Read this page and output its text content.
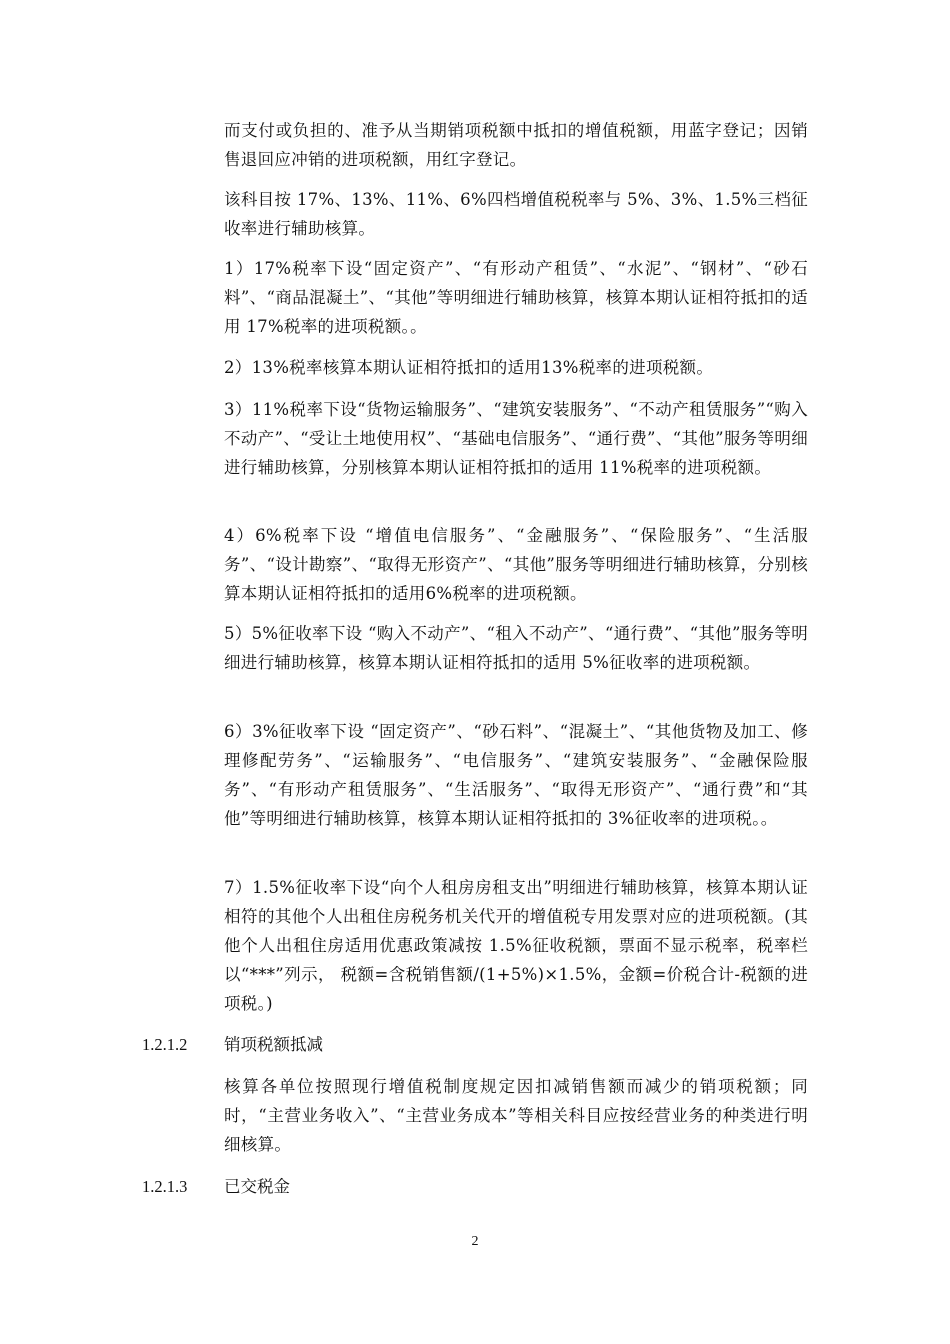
而支付或负担的、准予从当期销项税额中抵扣的增值税额，用蓝字登记；因销售退回应冲销的进项税额，用红字登记。

该科目按 17%、13%、11%、6%四档增值税税率与 5%、3%、1.5%三档征收率进行辅助核算。

1）17%税率下设“固定资产”、“有形动产租赁”、“水泥”、“钢材”、“砂石料”、“商品混凝土”、“其他”等明细进行辅助核算，核算本期认证相符抵扣的适用 17%税率的进项税额。。

2）13%税率核算本期认证相符抵扣的适用13%税率的进项税额。

3）11%税率下设“货物运输服务”、“建筑安装服务”、“不动产租赁服务”“购入不动产”、“受让土地使用权”、“基础电信服务”、“通行费”、“其他”服务等明细进行辅助核算，分别核算本期认证相符抵扣的适用 11%税率的进项税额。

4）6%税率下设 “增值电信服务”、“金融服务”、“保险服务”、“生活服务”、“设计勘察”、“取得无形资产”、“其他”服务等明细进行辅助核算，分别核算本期认证相符抵扣的适用6%税率的进项税额。

5）5%征收率下设 “购入不动产”、“租入不动产”、“通行费”、“其他”服务等明细进行辅助核算，核算本期认证相符抵扣的适用 5%征收率的进项税额。

6）3%征收率下设 “固定资产”、“砂石料”、“混凝土”、“其他货物及加工、修理修配劳务”、“运输服务”、“电信服务”、“建筑安装服务”、“金融保险服务”、“有形动产租赁服务”、“生活服务”、“取得无形资产”、“通行费”和“其他”等明细进行辅助核算，核算本期认证相符抵扣的 3%征收率的进项税。。

7）1.5%征收率下设“向个人租房房租支出”明细进行辅助核算，核算本期认证相符的其他个人出租住房税务机关代开的增值税专用发票对应的进项税额。(其他个人出租住房适用优惠政策减按 1.5%征收税额，票面不显示税率，税率栏以“***”列示， 税额=含税销售额/(1+5%)×1.5%，金额=价税合计-税额的进项税。)

1.2.1.2 销项税额抵减

核算各单位按照现行增值税制度规定因扣减销售额而减少的销项税额；同时，“主营业务收入”、“主营业务成本”等相关科目应按经营业务的种类进行明细核算。

1.2.1.3 已交税金
2
